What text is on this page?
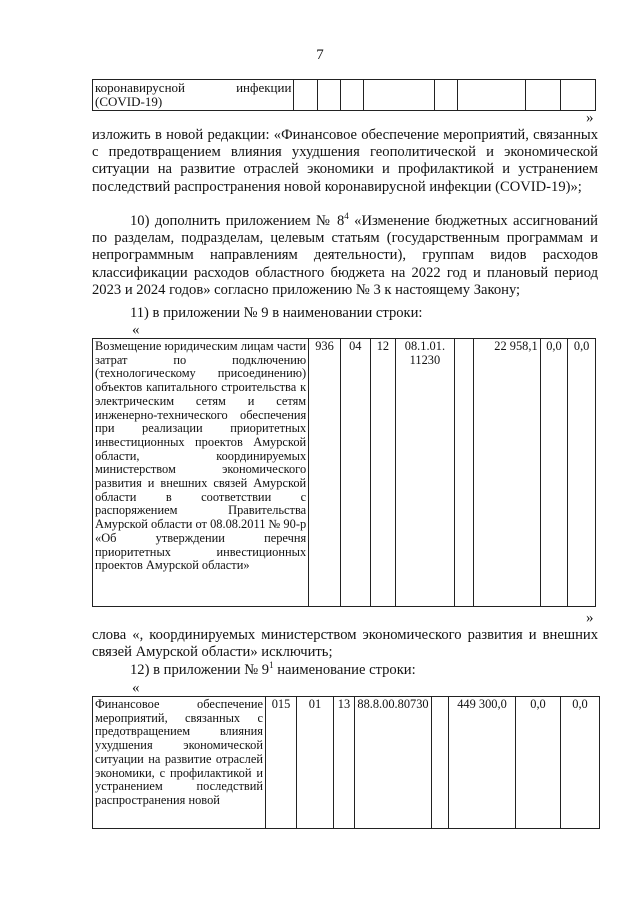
7
коронавирусной инфекции
(COVID-19)

»
изложить в новой редакции: «Финансовое обеспечение мероприятий, связанных с предотвращением влияния ухудшения геополитической и экономической ситуации на развитие отраслей экономики и профилактикой и устранением последствий распространения новой коронавирусной инфекции (COVID-19)»;
10) дополнить приложением № $8^4$ «Изменение бюджетных ассигнований по разделам, подразделам, целевым статьям (государственным программам и непрограммным направлениям деятельности), группам видов расходов классификации расходов областного бюджета на 2022 год и плановый период 2023 и 2024 годов» согласно приложению № 3 к настоящему Закону;
11) в приложении № 9 в наименовании строки:
«
Возмещение юридическим лицам части затрат по подключению (технологическому присоединению) объектов капитального строительства к электрическим сетям и сетям инженерно-технического обеспечения при реализации приоритетных инвестиционных проектов Амурской области, координируемых министерством экономического развития и внешних связей Амурской области в соответствии с распоряжением Правительства Амурской области от 08.08.2011 № 90-р «Об утверждении перечня приоритетных инвестиционных проектов Амурской области»
	936	04	12	08.1.01.
11230
		22 958,1	0,0	0,0
»
слова «, координируемых министерством экономического развития и внешних связей Амурской области» исключить;
12) в приложении № $9^1$ наименование строки:
«
Финансовое обеспечение мероприятий, связанных с предотвращением влияния ухудшения экономической ситуации на развитие отраслей экономики, с профилактикой и устранением последствий распространения новой
	015	01	13	88.8.00.80730		449 300,0	0,0	0,0
